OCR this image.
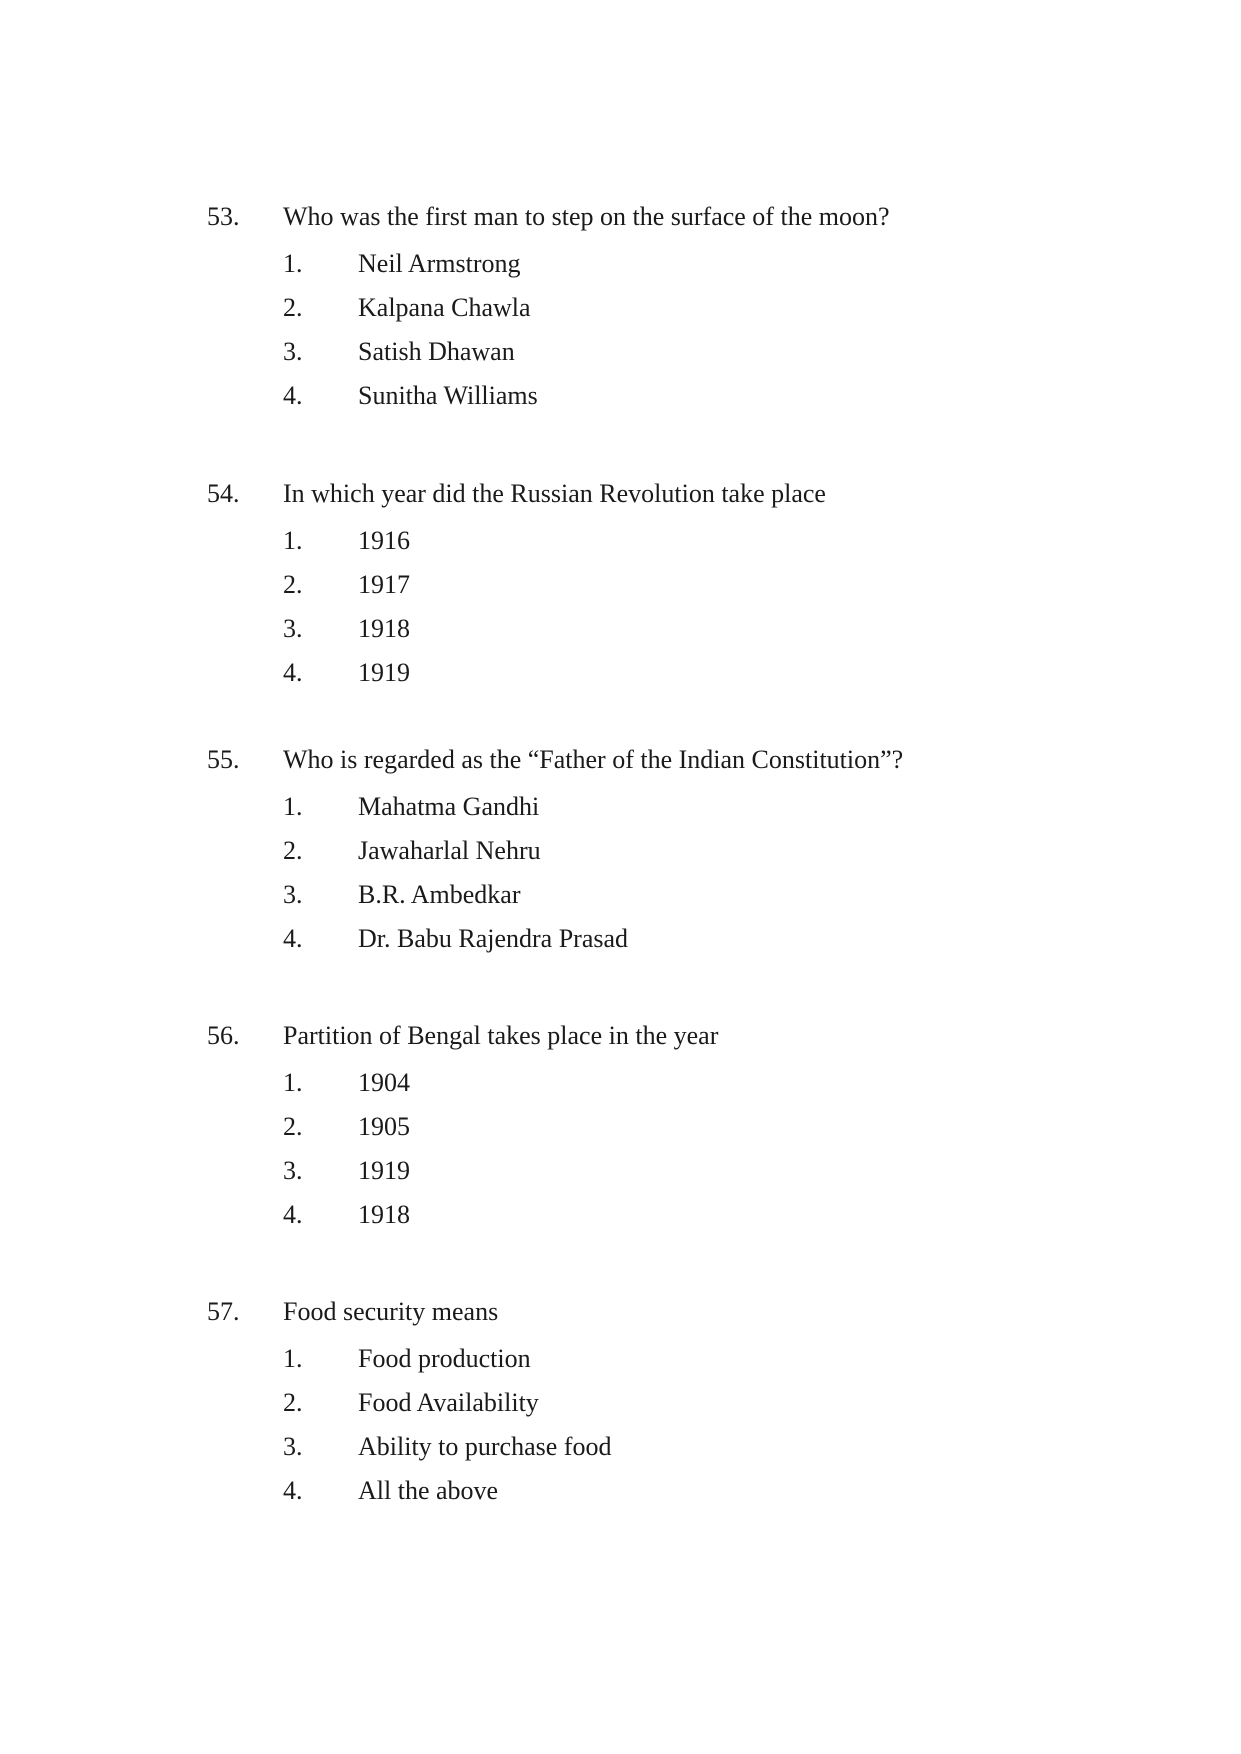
53. Who was the first man to step on the surface of the moon?
1. Neil Armstrong
2. Kalpana Chawla
3. Satish Dhawan
4. Sunitha Williams
54. In which year did the Russian Revolution take place
1. 1916
2. 1917
3. 1918
4. 1919
55. Who is regarded as the “Father of the Indian Constitution”?
1. Mahatma Gandhi
2. Jawaharlal Nehru
3. B.R. Ambedkar
4. Dr. Babu Rajendra Prasad
56. Partition of Bengal takes place in the year
1. 1904
2. 1905
3. 1919
4. 1918
57. Food security means
1. Food production
2. Food Availability
3. Ability to purchase food
4. All the above
